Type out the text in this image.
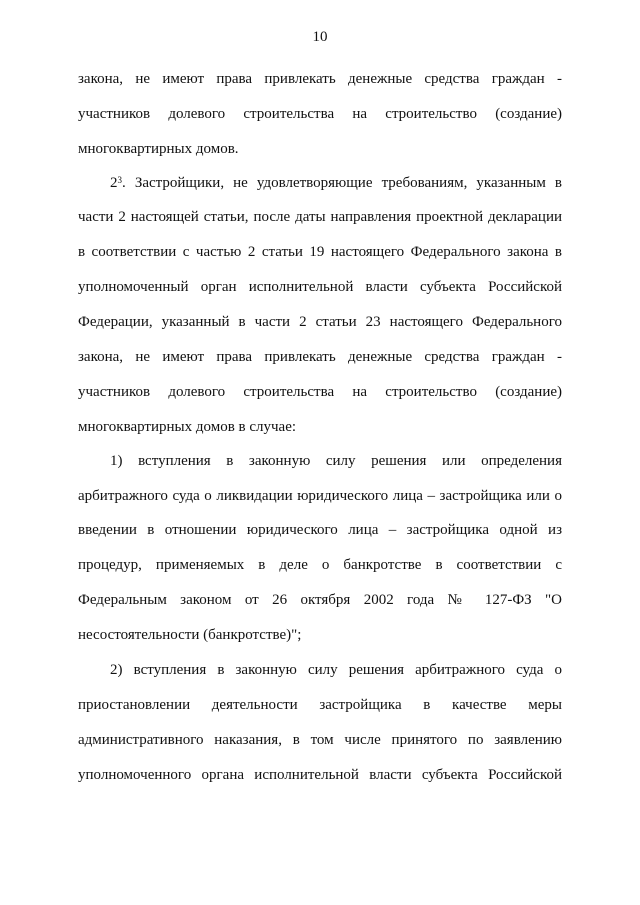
10
закона, не имеют права привлекать денежные средства граждан -
участников долевого строительства на строительство (создание)
многоквартирных домов.
$2^3$. Застройщики, не удовлетворяющие требованиям, указанным в
части 2 настоящей статьи, после даты направления проектной декларации
в соответствии с частью 2 статьи 19 настоящего Федерального закона в
уполномоченный орган исполнительной власти субъекта Российской
Федерации, указанный в части 2 статьи 23 настоящего Федерального
закона, не имеют права привлекать денежные средства граждан -
участников долевого строительства на строительство (создание)
многоквартирных домов в случае:
1) вступления в законную силу решения или определения
арбитражного суда о ликвидации юридического лица – застройщика или о
введении в отношении юридического лица – застройщика одной из
процедур, применяемых в деле о банкротстве в соответствии с
Федеральным законом от 26 октября 2002 года № 127-ФЗ "О
несостоятельности (банкротстве)";
2) вступления в законную силу решения арбитражного суда о
приостановлении деятельности застройщика в качестве меры
административного наказания, в том числе принятого по заявлению
уполномоченного органа исполнительной власти субъекта Российской
